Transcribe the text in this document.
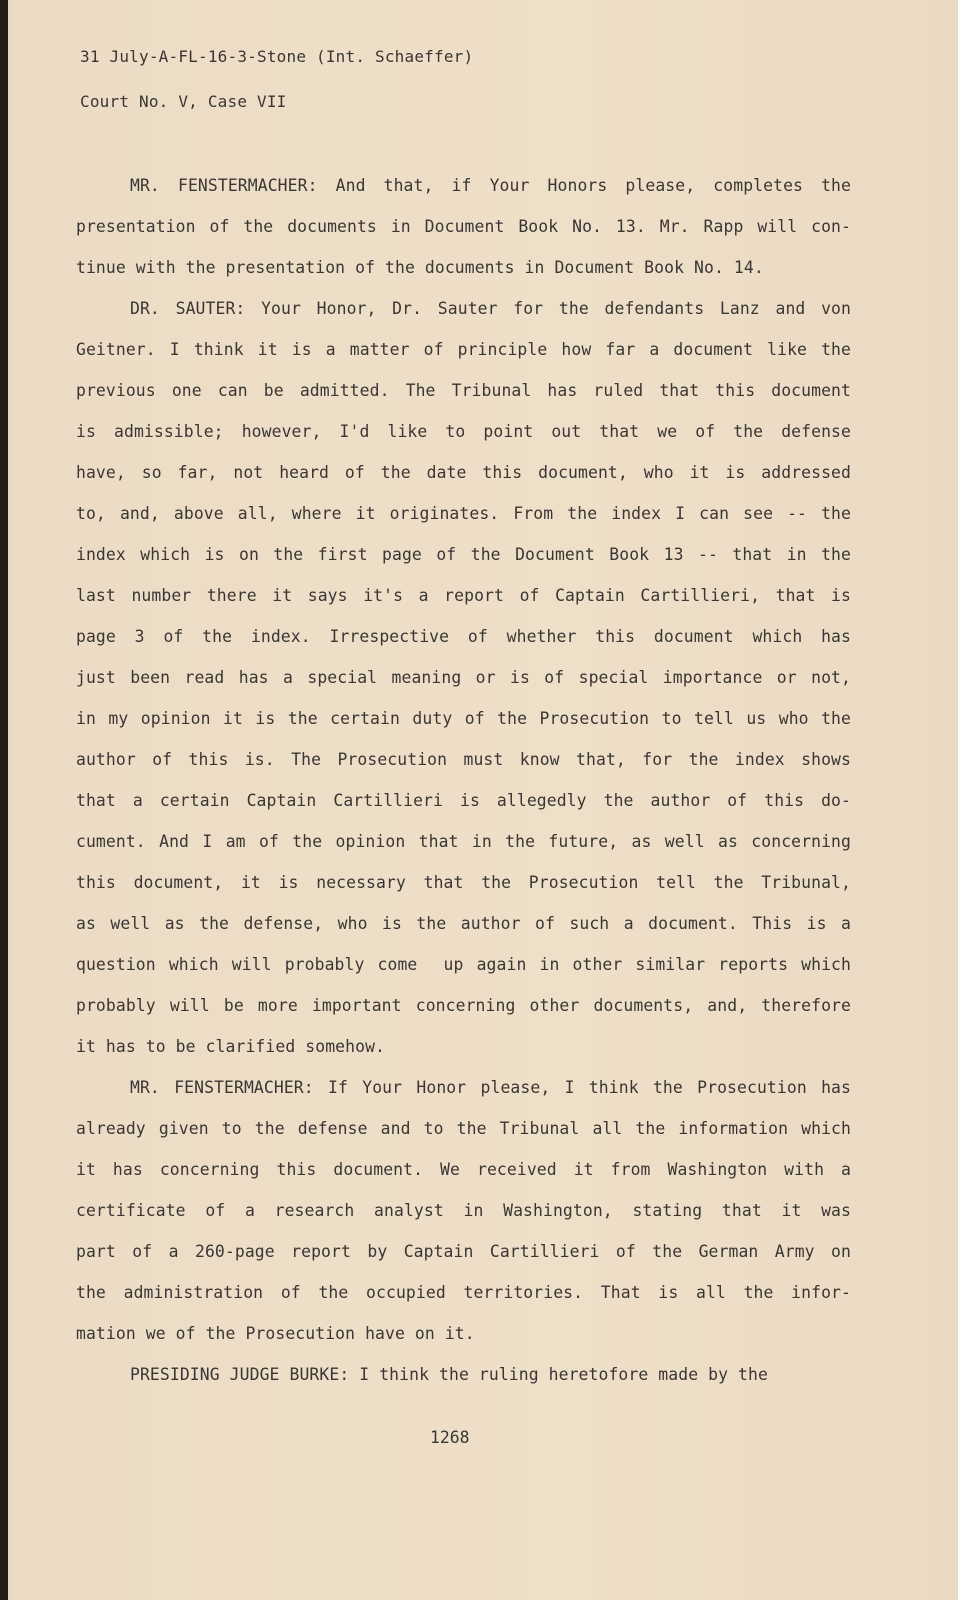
31 July-A-FL-16-3-Stone (Int. Schaeffer)
Court No. V, Case VII
MR. FENSTERMACHER: And that, if Your Honors please, completes the
presentation of the documents in Document Book No. 13. Mr. Rapp will con-
tinue with the presentation of the documents in Document Book No. 14.
DR. SAUTER: Your Honor, Dr. Sauter for the defendants Lanz and von
Geitner. I think it is a matter of principle how far a document like the
previous one can be admitted. The Tribunal has ruled that this document
is admissible; however, I'd like to point out that we of the defense
have, so far, not heard of the date this document, who it is addressed
to, and, above all, where it originates. From the index I can see -- the
index which is on the first page of the Document Book 13 -- that in the
last number there it says it's a report of Captain Cartillieri, that is
page 3 of the index. Irrespective of whether this document which has
just been read has a special meaning or is of special importance or not,
in my opinion it is the certain duty of the Prosecution to tell us who the
author of this is. The Prosecution must know that, for the index shows
that a certain Captain Cartillieri is allegedly the author of this do-
cument. And I am of the opinion that in the future, as well as concerning
this document, it is necessary that the Prosecution tell the Tribunal,
as well as the defense, who is the author of such a document. This is a
question which will probably come  up again in other similar reports which
probably will be more important concerning other documents, and, therefore
it has to be clarified somehow.
MR. FENSTERMACHER: If Your Honor please, I think the Prosecution has
already given to the defense and to the Tribunal all the information which
it has concerning this document. We received it from Washington with a
certificate of a research analyst in Washington, stating that it was
part of a 260-page report by Captain Cartillieri of the German Army on
the administration of the occupied territories. That is all the infor-
mation we of the Prosecution have on it.
PRESIDING JUDGE BURKE: I think the ruling heretofore made by the
1268
